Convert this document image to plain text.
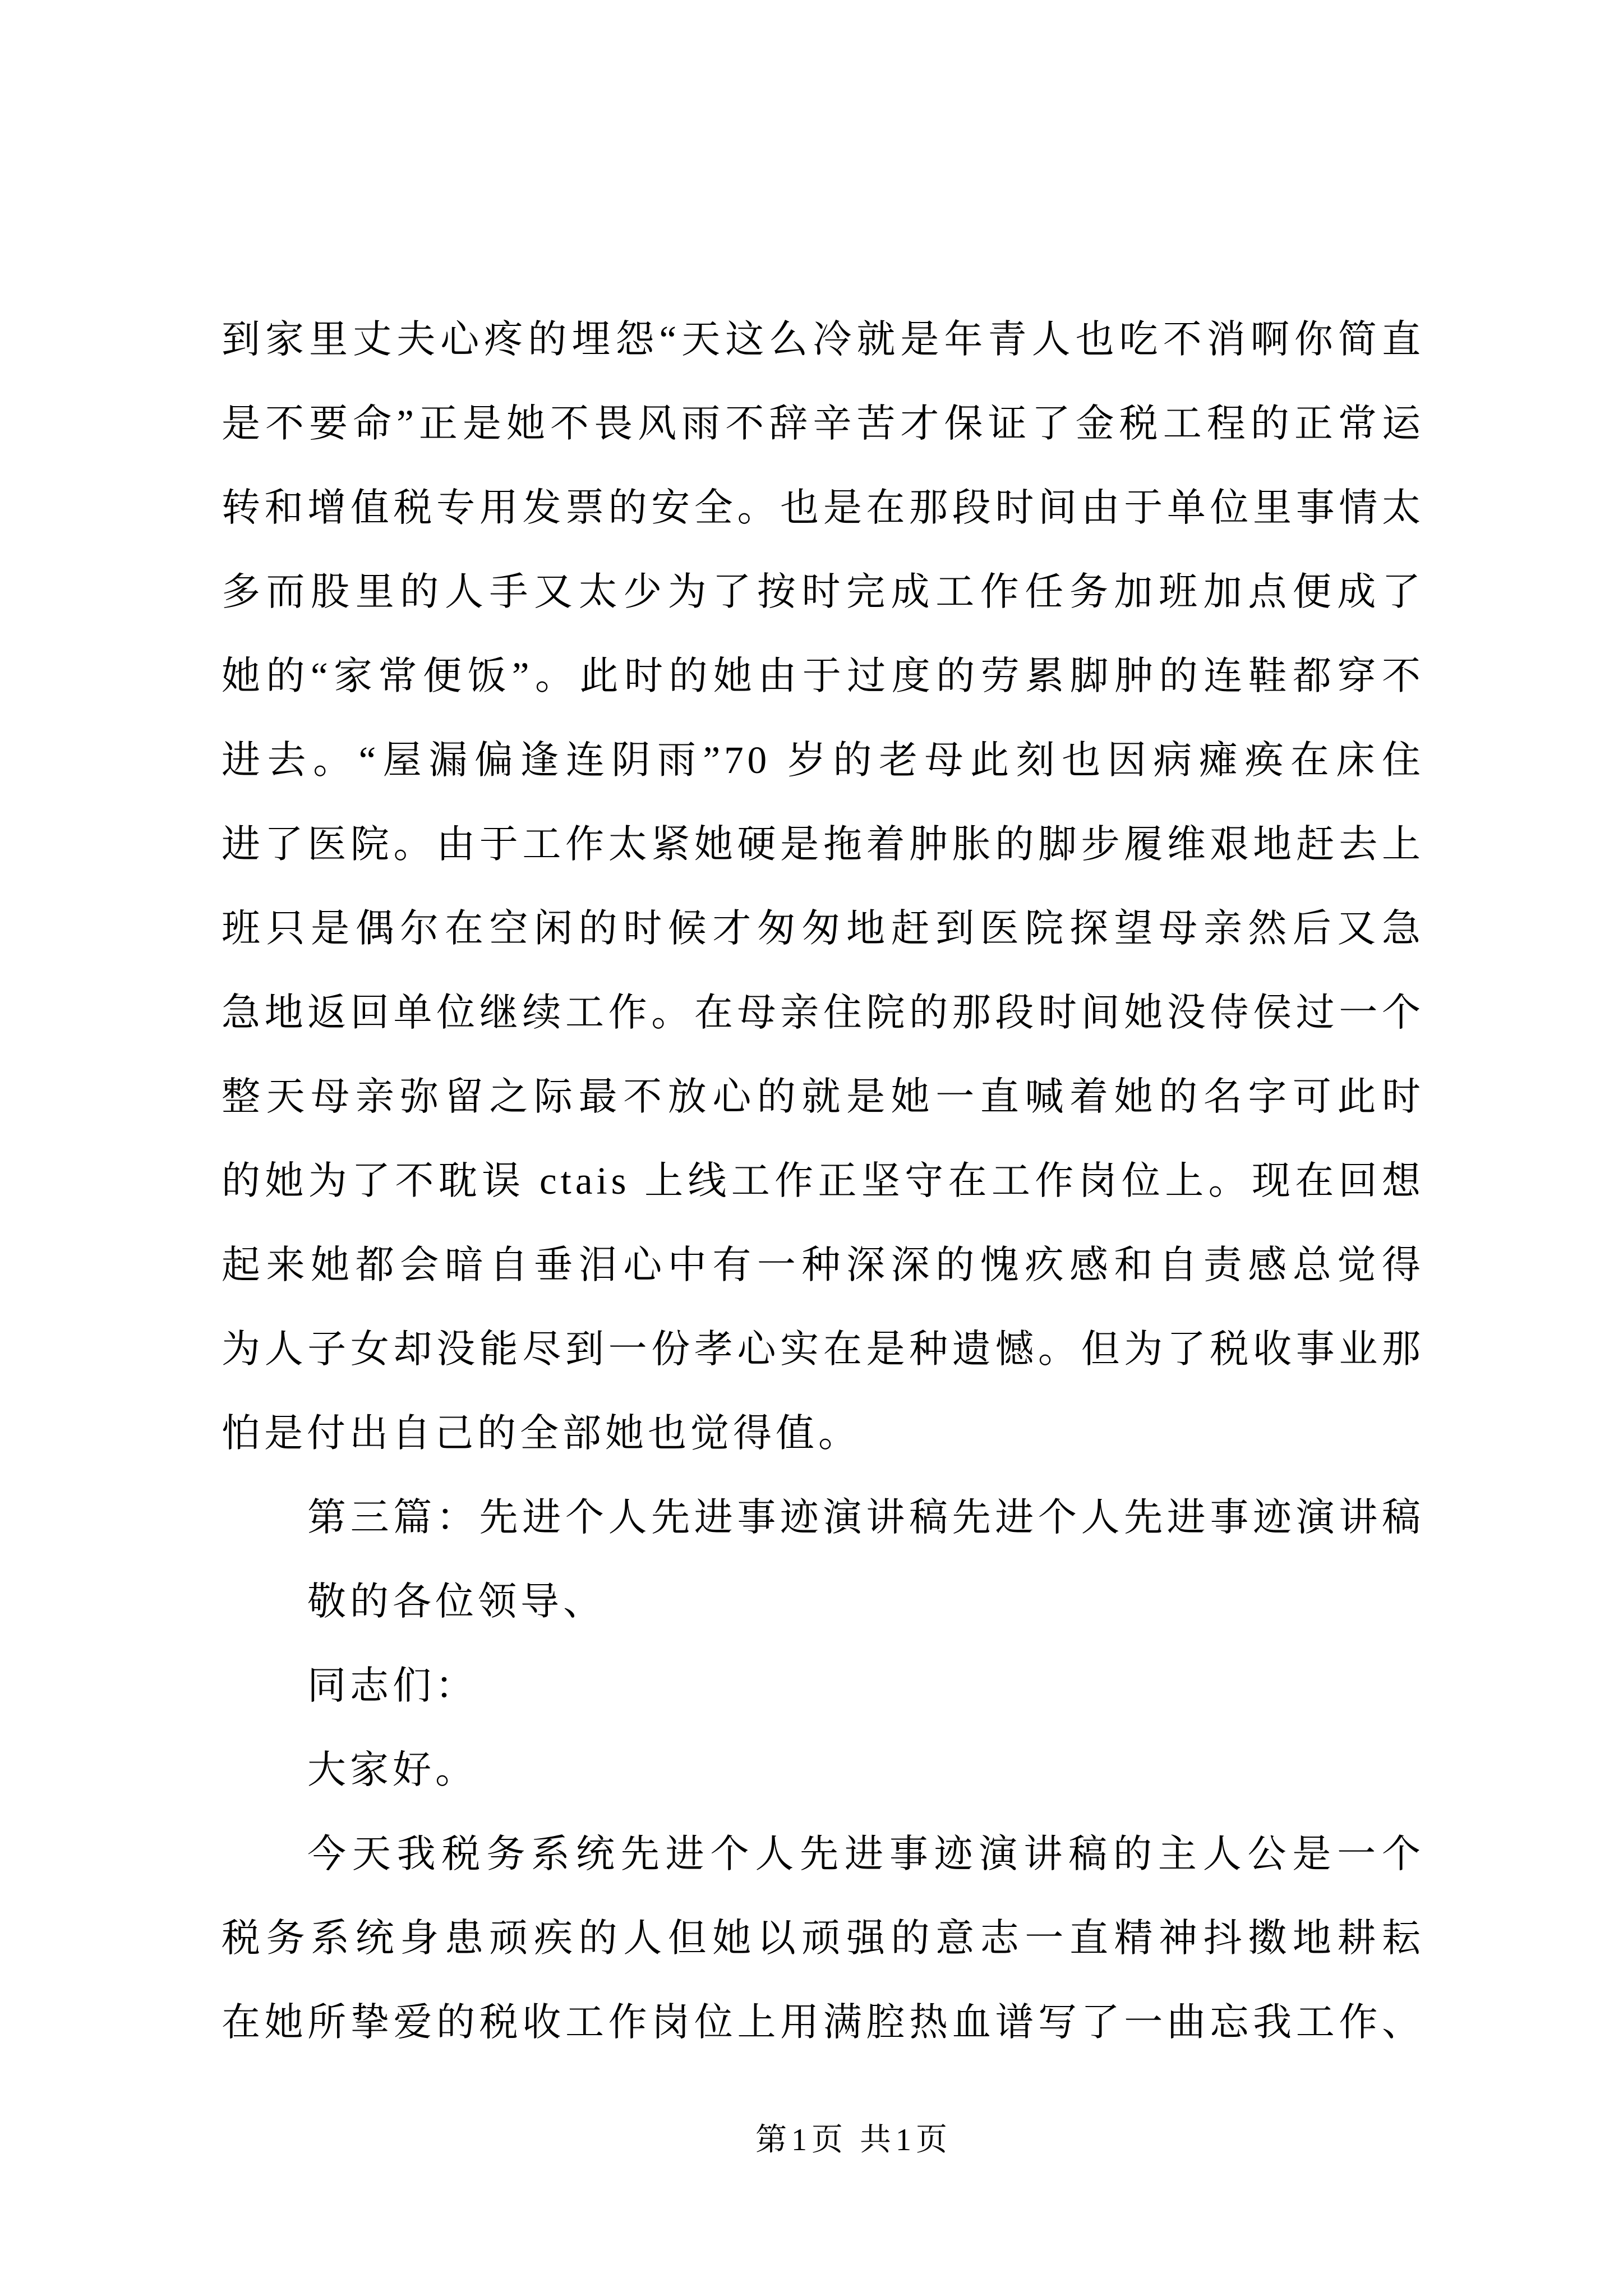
到家里丈夫心疼的埋怨“天这么冷就是年青人也吃不消啊你简直
是不要命”正是她不畏风雨不辞辛苦才保证了金税工程的正常运
转和增值税专用发票的安全。也是在那段时间由于单位里事情太
多而股里的人手又太少为了按时完成工作任务加班加点便成了
她的“家常便饭”。此时的她由于过度的劳累脚肿的连鞋都穿不
进去。“屋漏偏逢连阴雨”70 岁的老母此刻也因病瘫痪在床住
进了医院。由于工作太紧她硬是拖着肿胀的脚步履维艰地赶去上
班只是偶尔在空闲的时候才匆匆地赶到医院探望母亲然后又急
急地返回单位继续工作。在母亲住院的那段时间她没侍侯过一个
整天母亲弥留之际最不放心的就是她一直喊着她的名字可此时
的她为了不耽误 ctais 上线工作正坚守在工作岗位上。现在回想
起来她都会暗自垂泪心中有一种深深的愧疚感和自责感总觉得
为人子女却没能尽到一份孝心实在是种遗憾。但为了税收事业那
怕是付出自己的全部她也觉得值。
第三篇：先进个人先进事迹演讲稿先进个人先进事迹演讲稿
敬的各位领导、
同志们：
大家好。
今天我税务系统先进个人先进事迹演讲稿的主人公是一个
税务系统身患顽疾的人但她以顽强的意志一直精神抖擞地耕耘
在她所挚爱的税收工作岗位上用满腔热血谱写了一曲忘我工作、
第1页 共1页
